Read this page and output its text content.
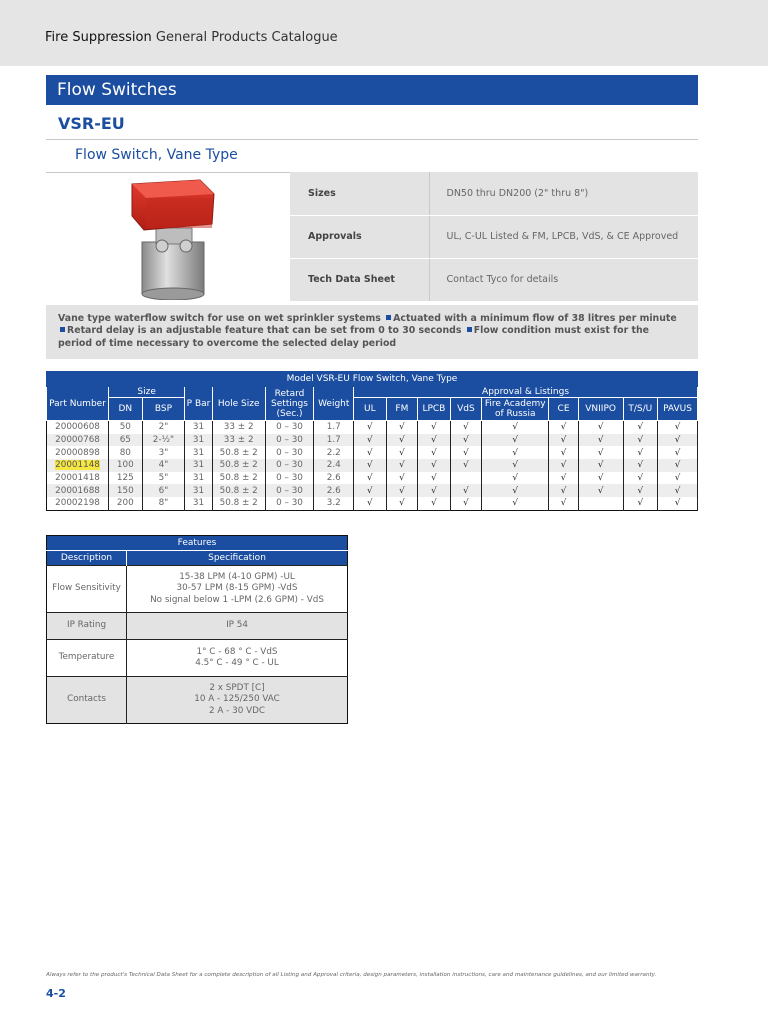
Fire Suppression General Products Catalogue
Flow Switches
VSR-EU
Flow Switch, Vane Type
Sizes	DN50 thru DN200 (2" thru 8")
Approvals	UL, C-UL Listed & FM, LPCB, VdS, & CE Approved
Tech Data Sheet	Contact Tyco for details
Vane type waterflow switch for use on wet sprinkler systems Actuated with a minimum flow of 38 litres per minute Retard delay is an adjustable feature that can be set from 0 to 30 seconds Flow condition must exist for the period of time necessary to overcome the selected delay period
Model VSR-EU Flow Switch, Vane Type															
Part Number	Size		P Bar	Hole Size	Retard Settings (Sec.)	Weight	Approval & Listings								
	DN	BSP					UL	FM	LPCB	VdS	Fire Academy of Russia	CE	VNIIPO	T/S/U	PAVUS
20000608	50	2"	31	33 ± 2	0 – 30	1.7	√	√	√	√	√	√	√	√	√
20000768	65	2-½"	31	33 ± 2	0 – 30	1.7	√	√	√	√	√	√	√	√	√
20000898	80	3"	31	50.8 ± 2	0 – 30	2.2	√	√	√	√	√	√	√	√	√
20001148	100	4"	31	50.8 ± 2	0 – 30	2.4	√	√	√	√	√	√	√	√	√
20001418	125	5"	31	50.8 ± 2	0 – 30	2.6	√	√	√		√	√	√	√	√
20001688	150	6"	31	50.8 ± 2	0 – 30	2.6	√	√	√	√	√	√	√	√	√
20002198	200	8"	31	50.8 ± 2	0 – 30	3.2	√	√	√	√	√	√		√	√
Features	
Description	Specification
Flow Sensitivity	15-38 LPM (4-10 GPM) -UL
30-57 LPM (8-15 GPM) -VdS
No signal below 1 -LPM (2.6 GPM) - VdS

IP Rating	IP 54

Temperature	1° C - 68 ° C - VdS
4.5° C - 49 ° C - UL

Contacts	2 x SPDT [C]
10 A - 125/250 VAC
2 A - 30 VDC
Always refer to the product's Technical Data Sheet for a complete description of all Listing and Approval criteria, design parameters, installation instructions, care and maintenance guidelines, and our limited warranty.
4-2
